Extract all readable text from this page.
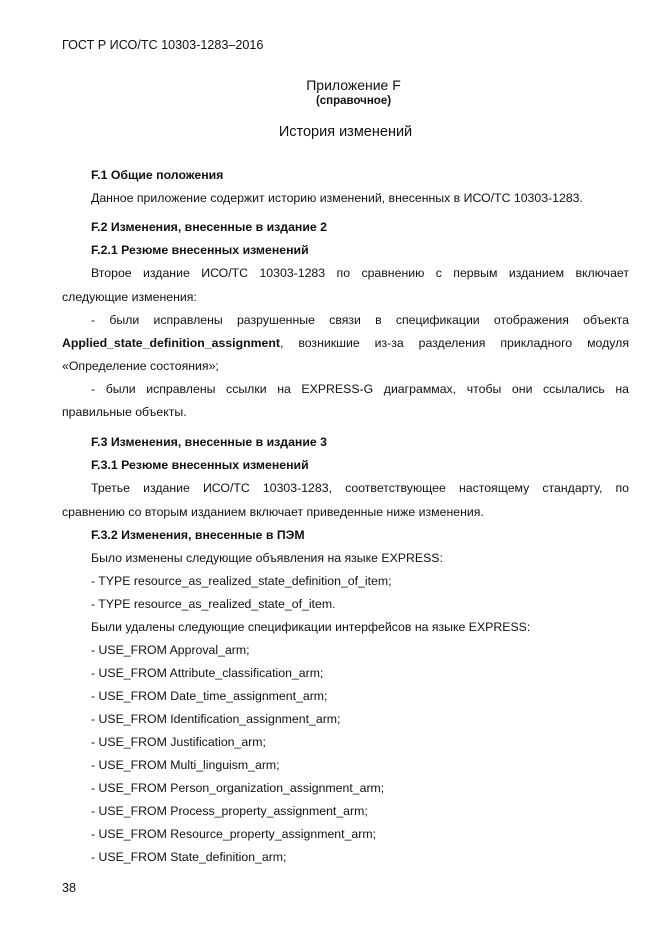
ГОСТ Р ИСО/ТС 10303-1283–2016
Приложение F
(справочное)
История изменений
F.1 Общие положения
Данное приложение содержит историю изменений, внесенных в ИСО/ТС 10303-1283.
F.2 Изменения, внесенные в издание 2
F.2.1 Резюме внесенных изменений
Второе издание ИСО/ТС 10303-1283 по сравнению с первым изданием включает
следующие изменения:
- были исправлены разрушенные связи в спецификации отображения объекта
Applied_state_definition_assignment , возникшие из-за разделения прикладного модуля
«Определение состояния»;
- были исправлены ссылки на EXPRESS-G диаграммах, чтобы они ссылались на
правильные объекты.
F.3 Изменения, внесенные в издание 3
F.3.1 Резюме внесенных изменений
Третье издание ИСО/ТС 10303-1283, соответствующее настоящему стандарту, по
сравнению со вторым изданием включает приведенные ниже изменения.
F.3.2 Изменения, внесенные в ПЭМ
Было изменены следующие объявления на языке EXPRESS:
- TYPE resource_as_realized_state_definition_of_item;
- TYPE resource_as_realized_state_of_item.
Были удалены следующие спецификации интерфейсов на языке EXPRESS:
- USE_FROM Approval_arm;
- USE_FROM Attribute_classification_arm;
- USE_FROM Date_time_assignment_arm;
- USE_FROM Identification_assignment_arm;
- USE_FROM Justification_arm;
- USE_FROM Multi_linguism_arm;
- USE_FROM Person_organization_assignment_arm;
- USE_FROM Process_property_assignment_arm;
- USE_FROM Resource_property_assignment_arm;
- USE_FROM State_definition_arm;
38
